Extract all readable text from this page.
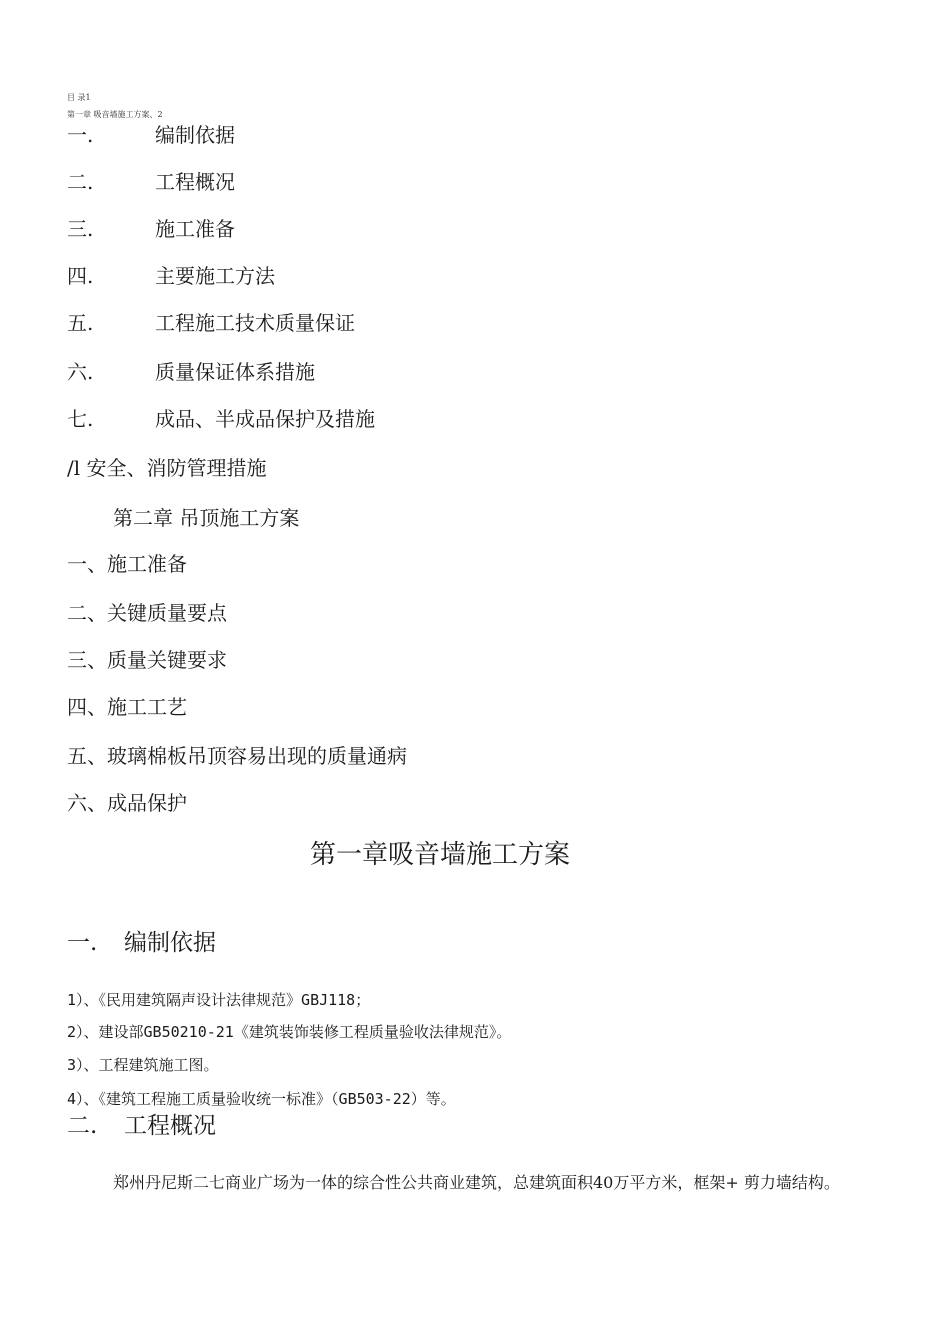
目 录1
第一章 吸音墙施工方案、2
一.	编制依据
二.	工程概况
三.	施工准备
四.	主要施工方法
五.	工程施工技术质量保证
六.	质量保证体系措施
七.	成品、半成品保护及措施
/l 安全、消防管理措施
第二章 吊顶施工方案
一、施工准备
二、关键质量要点
三、质量关键要求
四、施工工艺
五、玻璃棉板吊顶容易出现的质量通病
六、成品保护
第一章吸音墙施工方案
一. 编制依据
1）、《民用建筑隔声设计法律规范》GBJ118；
2）、建设部GB50210-21《建筑装饰装修工程质量验收法律规范》。
3）、工程建筑施工图。
4）、《建筑工程施工质量验收统一标准》（GB503-22）等。
二. 工程概况
郑州丹尼斯二七商业广场为一体的综合性公共商业建筑，总建筑面积40万平方米，框架+ 剪力墙结构。
